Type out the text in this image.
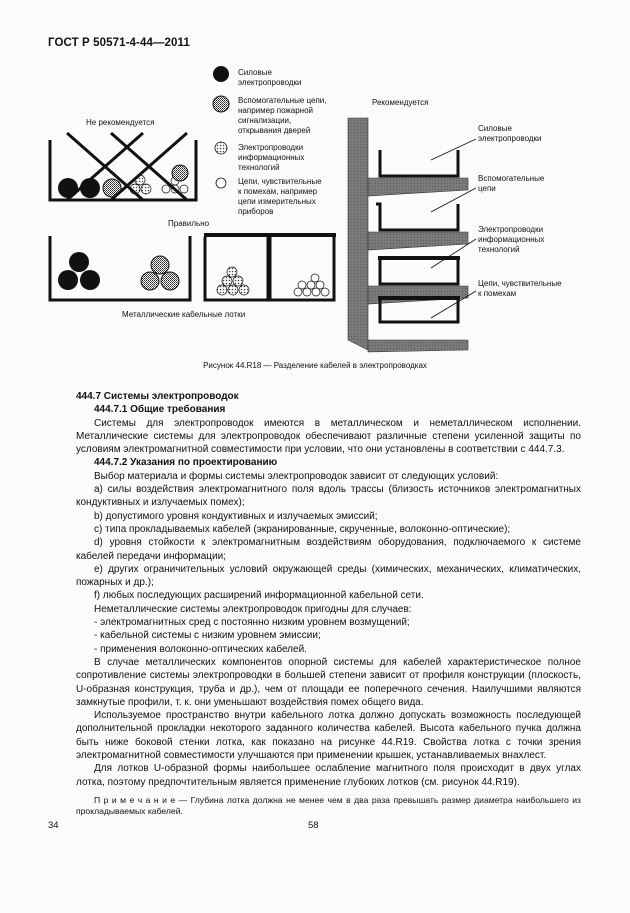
ГОСТ Р 50571-4-44—2011
Силовые электропроводки
Вспомогательные цепи, например пожарной сигнализации, открывания дверей
Электропроводки информационных технологий
Цепи, чувствительные к помехам, например цепи измерительных приборов
Не рекомендуется
Правильно
Металлические кабельные лотки
Рекомендуется
Силовые электропроводки
Вспомогательные цепи
Электропроводки информационных технологий
Цепи, чувствительные к помехам
Рисунок 44.R18 — Разделение кабелей в электропроводках

444.7 Системы электропроводок

444.7.1 Общие требования

Системы для электропроводок имеются в металлическом и неметаллическом исполнении. Металлические системы для электропроводок обеспечивают различные степени усиленной защиты по условиям электромагнитной совместимости при условии, что они установлены в соответствии с 444.7.3.

444.7.2 Указания по проектированию

Выбор материала и формы системы электропроводок зависит от следующих условий:

a) силы воздействия электромагнитного поля вдоль трассы (близость источников электромагнитных кондуктивных и излучаемых помех);

b) допустимого уровня кондуктивных и излучаемых эмиссий;

c) типа прокладываемых кабелей (экранированные, скрученные, волоконно-оптические);

d) уровня стойкости к электромагнитным воздействиям оборудования, подключаемого к системе кабелей передачи информации;

e) других ограничительных условий окружающей среды (химических, механических, климатических, пожарных и др.);

f) любых последующих расширений информационной кабельной сети.

Неметаллические системы электропроводок пригодны для случаев:

- электромагнитных сред с постоянно низким уровнем возмущений;

- кабельной системы с низким уровнем эмиссии;

- применения волоконно-оптических кабелей.

В случае металлических компонентов опорной системы для кабелей характеристическое полное сопротивление системы электропроводки в большей степени зависит от профиля конструкции (плоскость, U-образная конструкция, труба и др.), чем от площади ее поперечного сечения. Наилучшими являются замкнутые профили, т. к. они уменьшают воздействия помех общего вида.

Используемое пространство внутри кабельного лотка должно допускать возможность последующей дополнительной прокладки некоторого заданного количества кабелей. Высота кабельного пучка должна быть ниже боковой стенки лотка, как показано на рисунке 44.R19. Свойства лотка с точки зрения электромагнитной совместимости улучшаются при применении крышек, устанавливаемых внахлест.

Для лотков U-образной формы наибольшее ослабление магнитного поля происходит в двух углах лотка, поэтому предпочтительным является применение глубоких лотков (см. рисунок 44.R19).

П р и м е ч а н и е — Глубина лотка должна не менее чем в два раза превышать размер диаметра наибольшего из прокладываемых кабелей.

34	58
